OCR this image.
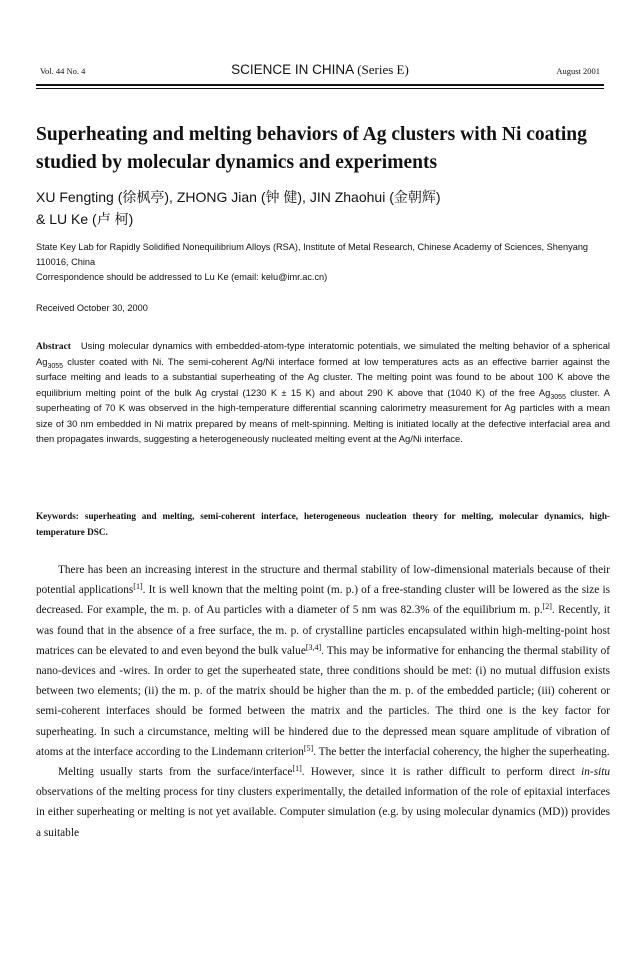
Vol. 44 No. 4	SCIENCE IN CHINA (Series E)	August 2001
Superheating and melting behaviors of Ag clusters with Ni coating studied by molecular dynamics and experiments
XU Fengting (徐枫亭), ZHONG Jian (钟 健), JIN Zhaohui (金朝辉)
& LU Ke (卢 柯)

State Key Lab for Rapidly Solidified Nonequilibrium Alloys (RSA), Institute of Metal Research, Chinese Academy of Sciences, Shenyang 110016, China

Correspondence should be addressed to Lu Ke (email: kelu@imr.ac.cn)

Received October 30, 2000

Abstract Using molecular dynamics with embedded-atom-type interatomic potentials, we simulated the melting behavior of a spherical $Ag_{3055}$ cluster coated with Ni. The semi-coherent Ag/Ni interface formed at low temperatures acts as an effective barrier against the surface melting and leads to a substantial superheating of the Ag cluster. The melting point was found to be about 100 K above the equilibrium melting point of the bulk Ag crystal (1230 K ± 15 K) and about 290 K above that (1040 K) of the free $Ag_{3055}$ cluster. A superheating of 70 K was observed in the high-temperature differential scanning calorimetry measurement for Ag particles with a mean size of 30 nm embedded in Ni matrix prepared by means of melt-spinning. Melting is initiated locally at the defective interfacial area and then propagates inwards, suggesting a heterogeneously nucleated melting event at the Ag/Ni interface.

Keywords: superheating and melting, semi-coherent interface, heterogeneous nucleation theory for melting, molecular dynamics, high-temperature DSC.

There has been an increasing interest in the structure and thermal stability of low-dimensional materials because of their potential applications[1]. It is well known that the melting point (m. p.) of a free-standing cluster will be lowered as the size is decreased. For example, the m. p. of Au particles with a diameter of 5 nm was 82.3% of the equilibrium m. p.[2]. Recently, it was found that in the absence of a free surface, the m. p. of crystalline particles encapsulated within high-melting-point host matrices can be elevated to and even beyond the bulk value[3,4]. This may be informative for enhancing the thermal stability of nano-devices and -wires. In order to get the superheated state, three conditions should be met: (i) no mutual diffusion exists between two elements; (ii) the m. p. of the matrix should be higher than the m. p. of the embedded particle; (iii) coherent or semi-coherent interfaces should be formed between the matrix and the particles. The third one is the key factor for superheating. In such a circumstance, melting will be hindered due to the depressed mean square amplitude of vibration of atoms at the interface according to the Lindemann criterion[5]. The better the interfacial coherency, the higher the superheating.

Melting usually starts from the surface/interface[1]. However, since it is rather difficult to perform direct in-situ observations of the melting process for tiny clusters experimentally, the detailed information of the role of epitaxial interfaces in either superheating or melting is not yet available. Computer simulation (e.g. by using molecular dynamics (MD)) provides a suitable
